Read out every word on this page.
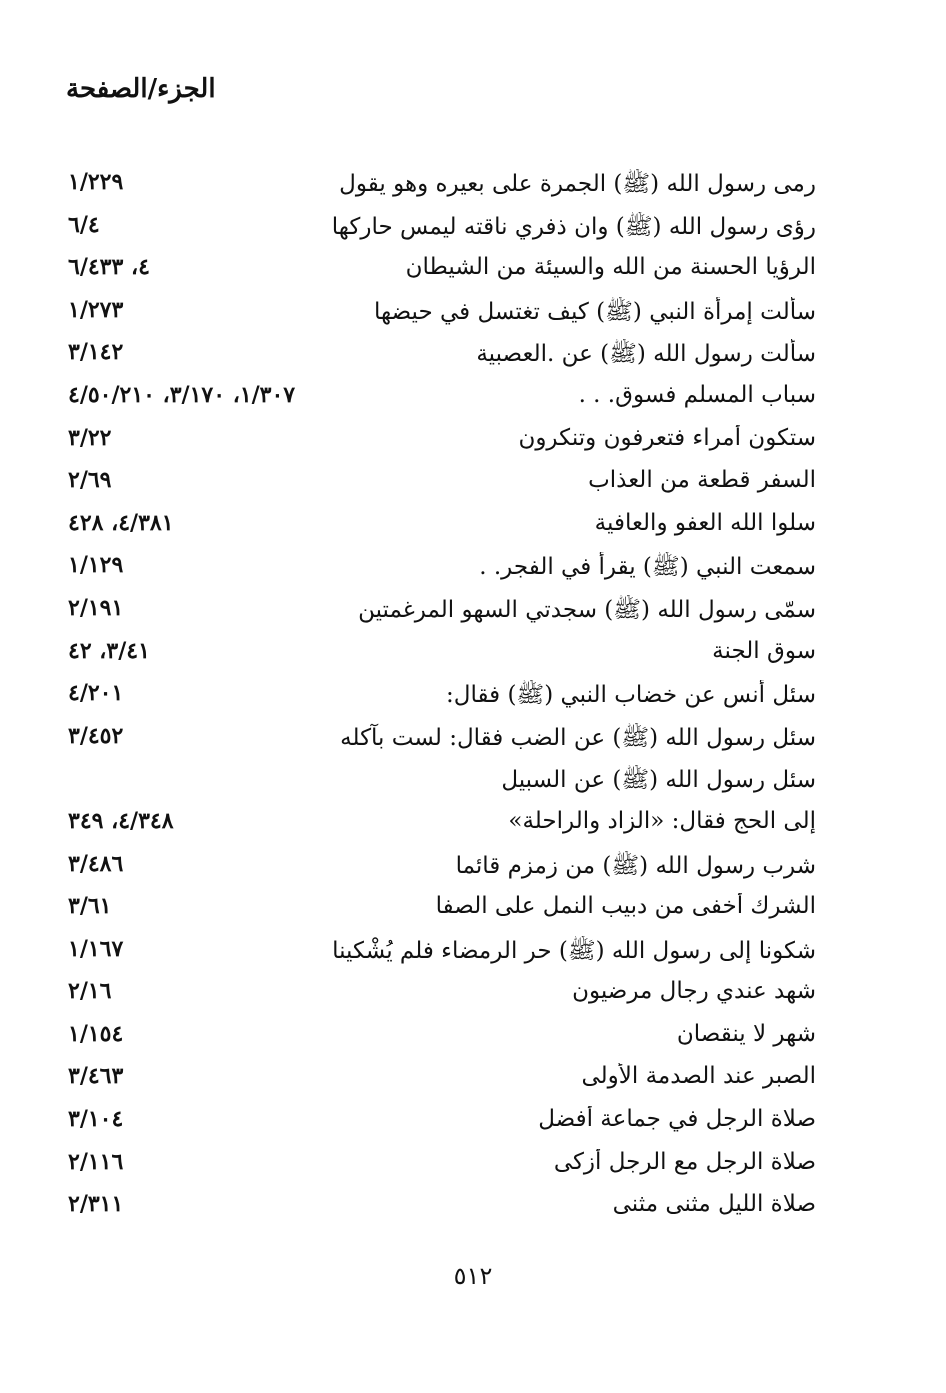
الجزء/الصفحة
رمى رسول الله (ﷺ) الجمرة على بعيره وهو يقول
١/٢٢٩
رؤى رسول الله (ﷺ) وان ذفري ناقته ليمس حاركها
٦/٤
الرؤيا الحسنة من الله والسيئة من الشيطان
٤، ٦/٤٣٣
سألت إمرأة النبي (ﷺ) كيف تغتسل في حيضها
١/٢٧٣
سألت رسول الله (ﷺ) عن .العصبية
٣/١٤٢
سباب المسلم فسوق. . .
١/٣٠٧، ٣/١٧٠، ٤/٥٠/٢١٠
ستكون أمراء فتعرفون وتنكرون
٣/٢٢
السفر قطعة من العذاب
٢/٦٩
سلوا الله العفو والعافية
٤/٣٨١، ٤٢٨
سمعت النبي (ﷺ) يقرأ في الفجر. .
١/١٢٩
سمّى رسول الله (ﷺ) سجدتي السهو المرغمتين
٢/١٩١
سوق الجنة
٣/٤١، ٤٢
سئل أنس عن خضاب النبي (ﷺ) فقال:
٤/٢٠١
سئل رسول الله (ﷺ) عن الضب فقال: لست بآكله
٣/٤٥٢
سئل رسول الله (ﷺ) عن السبيل
إلى الحج فقال: «الزاد والراحلة»
٤/٣٤٨، ٣٤٩
شرب رسول الله (ﷺ) من زمزم قائما
٣/٤٨٦
الشرك أخفى من دبيب النمل على الصفا
٣/٦١
شكونا إلى رسول الله (ﷺ) حر الرمضاء فلم يُشْكينا
١/١٦٧
شهد عندي رجال مرضيون
٢/١٦
شهر لا ينقصان
١/١٥٤
الصبر عند الصدمة الأولى
٣/٤٦٣
صلاة الرجل في جماعة أفضل
٣/١٠٤
صلاة الرجل مع الرجل أزكى
٢/١١٦
صلاة الليل مثنى مثنى
٢/٣١١
٥١٢
